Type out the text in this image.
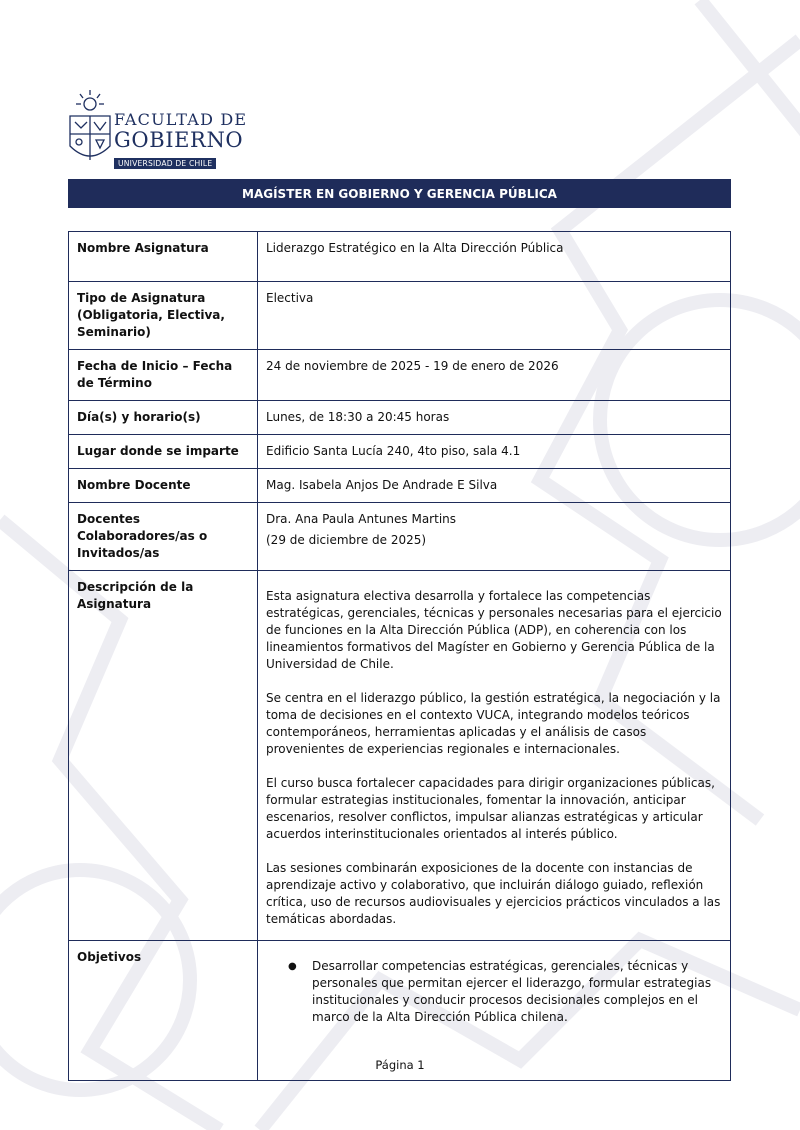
FACULTAD DE
GOBIERNO
UNIVERSIDAD DE CHILE
MAGÍSTER EN GOBIERNO Y GERENCIA PÚBLICA
Nombre Asignatura	Liderazgo Estratégico en la Alta Dirección Pública
Tipo de Asignatura (Obligatoria, Electiva, Seminario)	Electiva
Fecha de Inicio – Fecha de Término	24 de noviembre de 2025 - 19 de enero de 2026
Día(s) y horario(s)	Lunes, de 18:30 a 20:45 horas
Lugar donde se imparte	Edificio Santa Lucía 240, 4to piso, sala 4.1
Nombre Docente	Mag. Isabela Anjos De Andrade E Silva
Docentes Colaboradores/as o Invitados/as	Dra. Ana Paula Antunes Martins
(29 de diciembre de 2025)

Descripción de la Asignatura	Esta asignatura electiva desarrolla y fortalece las competencias estratégicas, gerenciales, técnicas y personales necesarias para el ejercicio de funciones en la Alta Dirección Pública (ADP), en coherencia con los lineamientos formativos del Magíster en Gobierno y Gerencia Pública de la Universidad de Chile.

Se centra en el liderazgo público, la gestión estratégica, la negociación y la toma de decisiones en el contexto VUCA, integrando modelos teóricos contemporáneos, herramientas aplicadas y el análisis de casos provenientes de experiencias regionales e internacionales.

El curso busca fortalecer capacidades para dirigir organizaciones públicas, formular estrategias institucionales, fomentar la innovación, anticipar escenarios, resolver conflictos, impulsar alianzas estratégicas y articular acuerdos interinstitucionales orientados al interés público.

Las sesiones combinarán exposiciones de la docente con instancias de aprendizaje activo y colaborativo, que incluirán diálogo guiado, reflexión crítica, uso de recursos audiovisuales y ejercicios prácticos vinculados a las temáticas abordadas.

Objetivos	● Desarrollar competencias estratégicas, gerenciales, técnicas y personales que permitan ejercer el liderazgo, formular estrategias institucionales y conducir procesos decisionales complejos en el marco de la Alta Dirección Pública chilena.
Página 1
